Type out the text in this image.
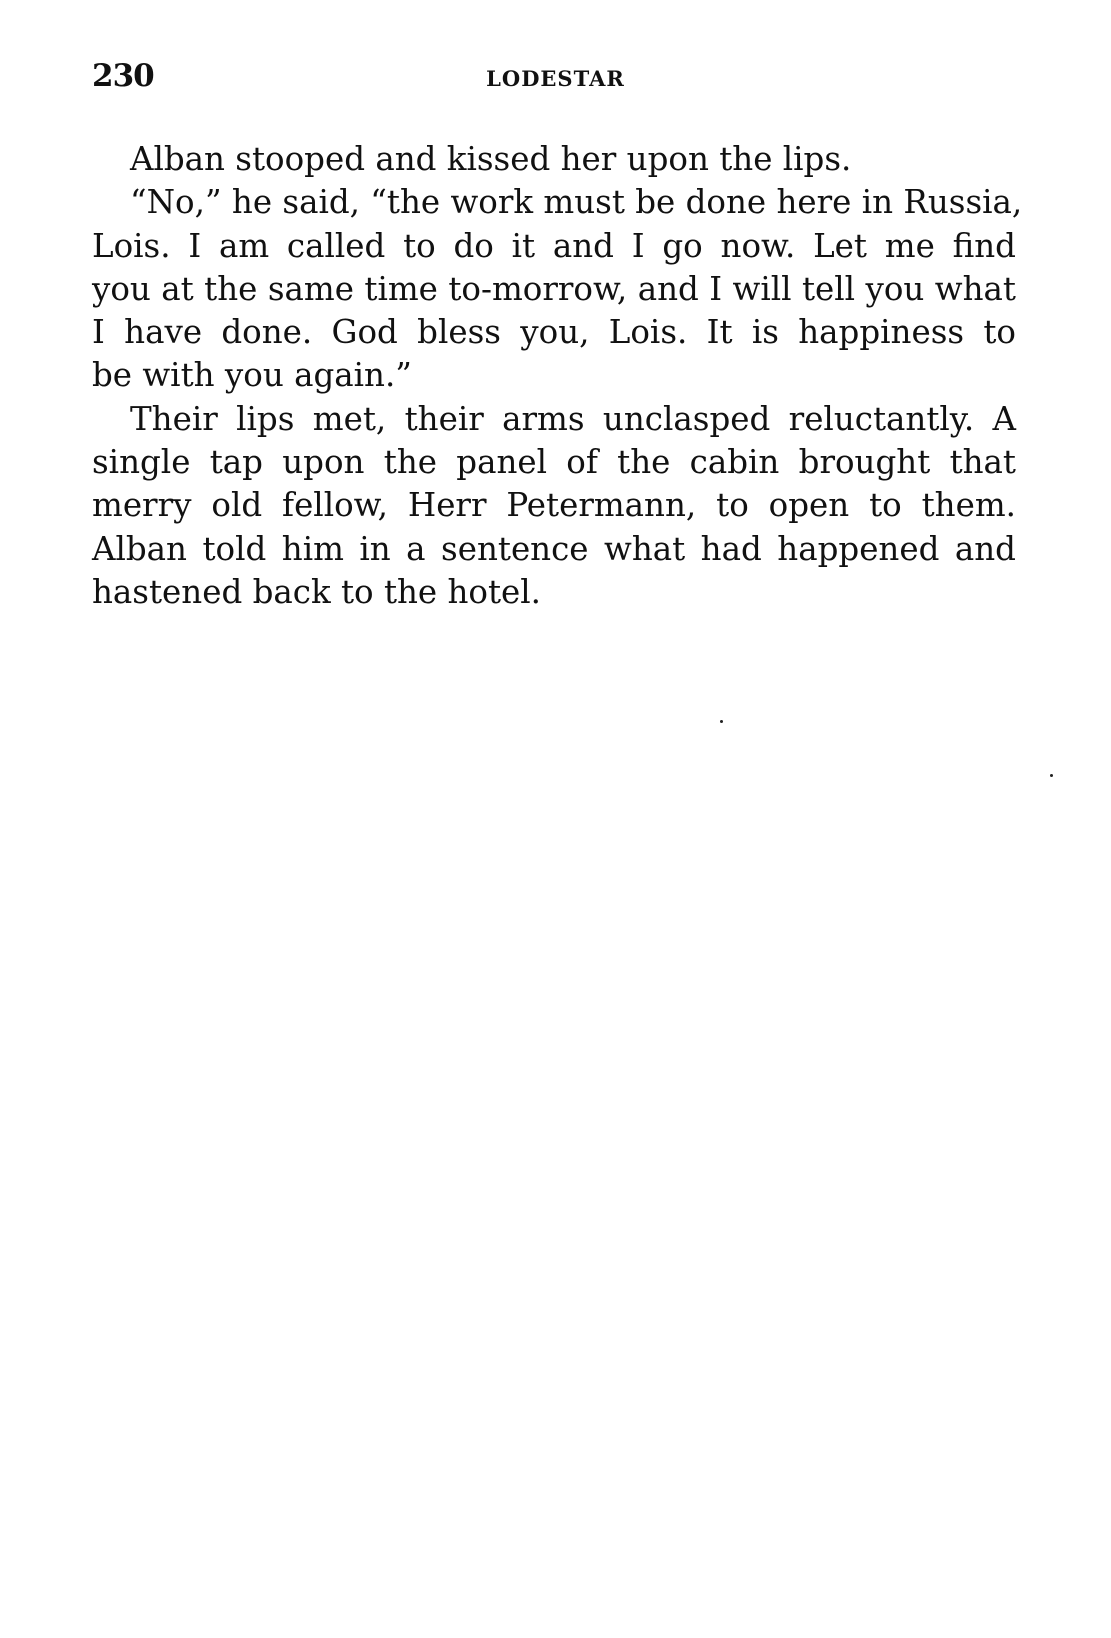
230	LODESTAR
Alban stooped and kissed her upon the lips.
“No,” he said, “the work must be done here in Russia,
Lois. I am called to do it and I go now. Let me find
you at the same time to-morrow, and I will tell you what
I have done. God bless you, Lois. It is happiness to
be with you again.”
Their lips met, their arms unclasped reluctantly. A
single tap upon the panel of the cabin brought that
merry old fellow, Herr Petermann, to open to them.
Alban told him in a sentence what had happened and
hastened back to the hotel.
